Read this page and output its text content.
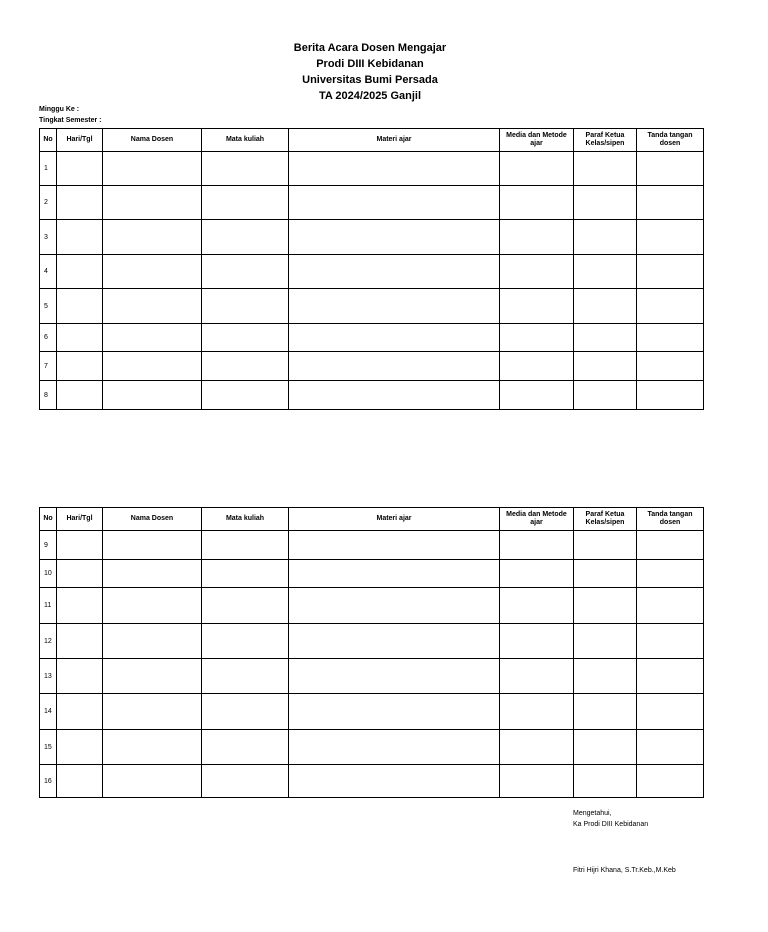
Berita Acara Dosen Mengajar
Prodi DIII Kebidanan
Universitas Bumi Persada
TA 2024/2025 Ganjil
Minggu Ke :
Tingkat Semester :
No	Hari/Tgl	Nama Dosen	Mata kuliah	Materi ajar	Media dan Metode ajar	Paraf Ketua Kelas/sipen	Tanda tangan dosen
1							
2							
3							
4							
5							
6							
7							
8							
No	Hari/Tgl	Nama Dosen	Mata kuliah	Materi ajar	Media dan Metode ajar	Paraf Ketua Kelas/sipen	Tanda tangan dosen
9							
10							
11							
12							
13							
14							
15							
16							
Mengetahui,
Ka Prodi DIII Kebidanan
Fitri Hijri Khana, S.Tr.Keb.,M.Keb
